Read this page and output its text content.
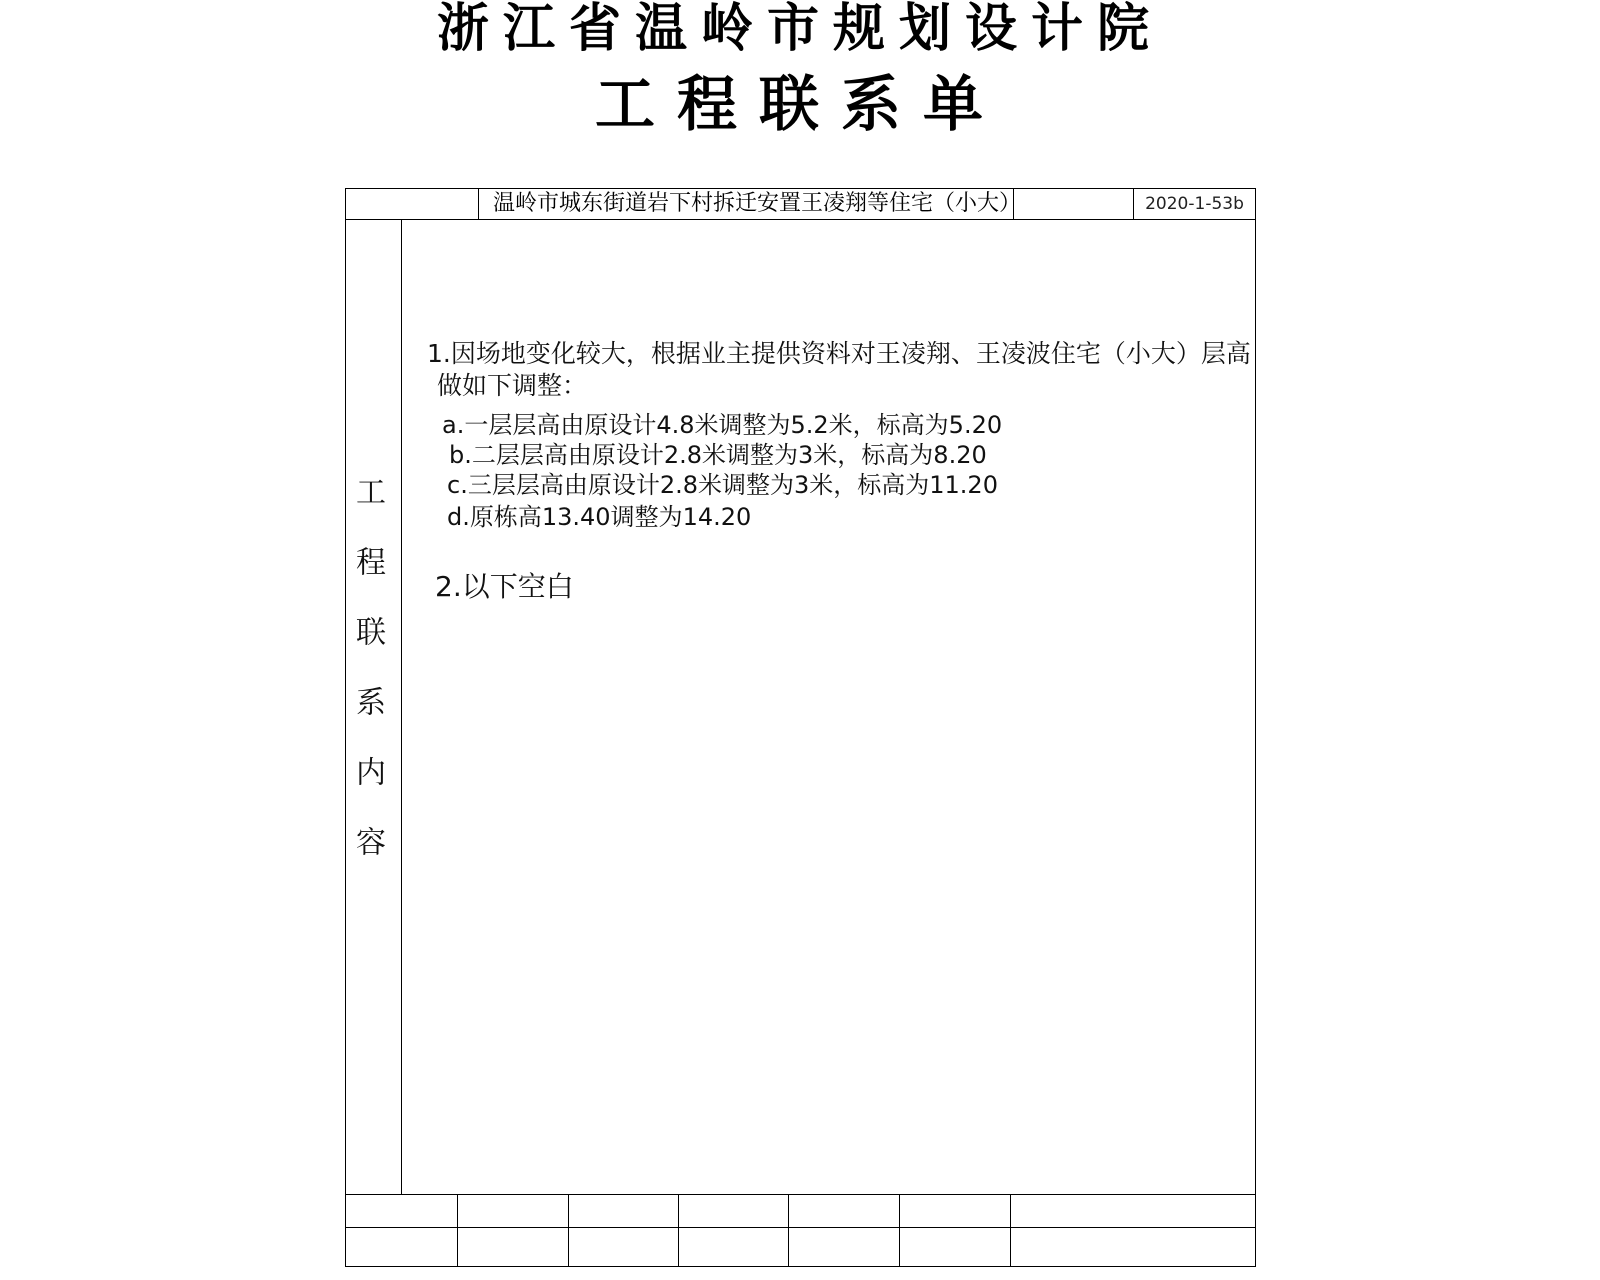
浙江省温岭市规划设计院
工程联系单
温岭市城东街道岩下村拆迁安置王凌翔等住宅（小大）	2020-1-53b
工程联系内容
1.因场地变化较大，根据业主提供资料对王凌翔、王凌波住宅（小大）层高
做如下调整：
a.一层层高由原设计4.8米调整为5.2米，标高为5.20
b.二层层高由原设计2.8米调整为3米，标高为8.20
c.三层层高由原设计2.8米调整为3米，标高为11.20
d.原栋高13.40调整为14.20
2.以下空白
